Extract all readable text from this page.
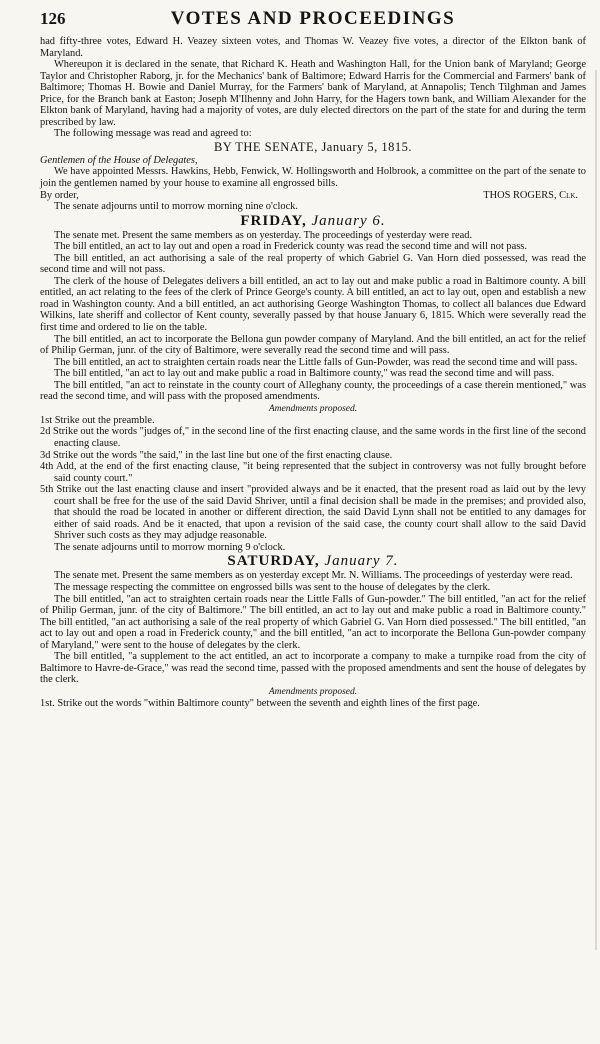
126	VOTES AND PROCEEDINGS

had fifty-three votes, Edward H. Veazey sixteen votes, and Thomas W. Veazey five votes, a director of the Elkton bank of Maryland.

Whereupon it is declared in the senate, that Richard K. Heath and Washington Hall, for the Union bank of Maryland; George Taylor and Christopher Raborg, jr. for the Mechanics' bank of Baltimore; Edward Harris for the Commercial and Farmers' bank of Baltimore; Thomas H. Bowie and Daniel Murray, for the Farmers' bank of Maryland, at Annapolis; Tench Tilghman and James Price, for the Branch bank at Easton; Joseph M'Ilhenny and John Harry, for the Hagers town bank, and William Alexander for the Elkton bank of Maryland, having had a majority of votes, are duly elected directors on the part of the state for and during the term prescribed by law.

The following message was read and agreed to:

BY THE SENATE, January 5, 1815.

Gentlemen of the House of Delegates,

We have appointed Messrs. Hawkins, Hebb, Fenwick, W. Hollingsworth and Holbrook, a committee on the part of the senate to join the gentlemen named by your house to examine all engrossed bills.

By order,	THOS ROGERS, Clk.

The senate adjourns until to morrow morning nine o'clock.

FRIDAY, January 6.

The senate met. Present the same members as on yesterday. The proceedings of yesterday were read.

The bill entitled, an act to lay out and open a road in Frederick county was read the second time and will not pass.

The bill entitled, an act authorising a sale of the real property of which Gabriel G. Van Horn died possessed, was read the second time and will not pass.

The clerk of the house of Delegates delivers a bill entitled, an act to lay out and make public a road in Baltimore county. A bill entitled, an act relating to the fees of the clerk of Prince George's county. A bill entitled, an act to lay out, open and establish a new road in Washington county. And a bill entitled, an act authorising George Washington Thomas, to collect all balances due Edward Wilkins, late sheriff and collector of Kent county, severally passed by that house January 6, 1815. Which were severally read the first time and ordered to lie on the table.

The bill entitled, an act to incorporate the Bellona gun powder company of Maryland. And the bill entitled, an act for the relief of Philip German, junr. of the city of Baltimore, were severally read the second time and will pass.

The bill entitled, an act to straighten certain roads near the Little falls of Gun-Powder, was read the second time and will pass.

The bill entitled, "an act to lay out and make public a road in Baltimore county," was read the second time and will pass.

The bill entitled, "an act to reinstate in the county court of Alleghany county, the proceedings of a case therein mentioned," was read the second time, and will pass with the proposed amendments.

Amendments proposed.

1st Strike out the preamble.

2d Strike out the words "judges of," in the second line of the first enacting clause, and the same words in the first line of the second enacting clause.

3d Strike out the words "the said," in the last line but one of the first enacting clause.

4th Add, at the end of the first enacting clause, "it being represented that the subject in controversy was not fully brought before said county court."

5th Strike out the last enacting clause and insert "provided always and be it enacted, that the present road as laid out by the levy court shall be free for the use of the said David Shriver, until a final decision shall be made in the premises; and provided also, that should the road be located in another or different direction, the said David Lynn shall not be entitled to any damages for either of said roads. And be it enacted, that upon a revision of the said case, the county court shall allow to the said David Shriver such costs as they may adjudge reasonable.

The senate adjourns until to morrow morning 9 o'clock.

SATURDAY, January 7.

The senate met. Present the same members as on yesterday except Mr. N. Williams. The proceedings of yesterday were read.

The message respecting the committee on engrossed bills was sent to the house of delegates by the clerk.

The bill entitled, "an act to straighten certain roads near the Little Falls of Gun-powder." The bill entitled, "an act for the relief of Philip German, junr. of the city of Baltimore." The bill entitled, an act to lay out and make public a road in Baltimore county." The bill entitled, "an act authorising a sale of the real property of which Gabriel G. Van Horn died possessed." The bill entitled, "an act to lay out and open a road in Frederick county," and the bill entitled, "an act to incorporate the Bellona Gun-powder company of Maryland," were sent to the house of delegates by the clerk.

The bill entitled, "a supplement to the act entitled, an act to incorporate a company to make a turnpike road from the city of Baltimore to Havre-de-Grace," was read the second time, passed with the proposed amendments and sent the house of delegates by the clerk.

Amendments proposed.

1st. Strike out the words "within Baltimore county" between the seventh and eighth lines of the first page.
